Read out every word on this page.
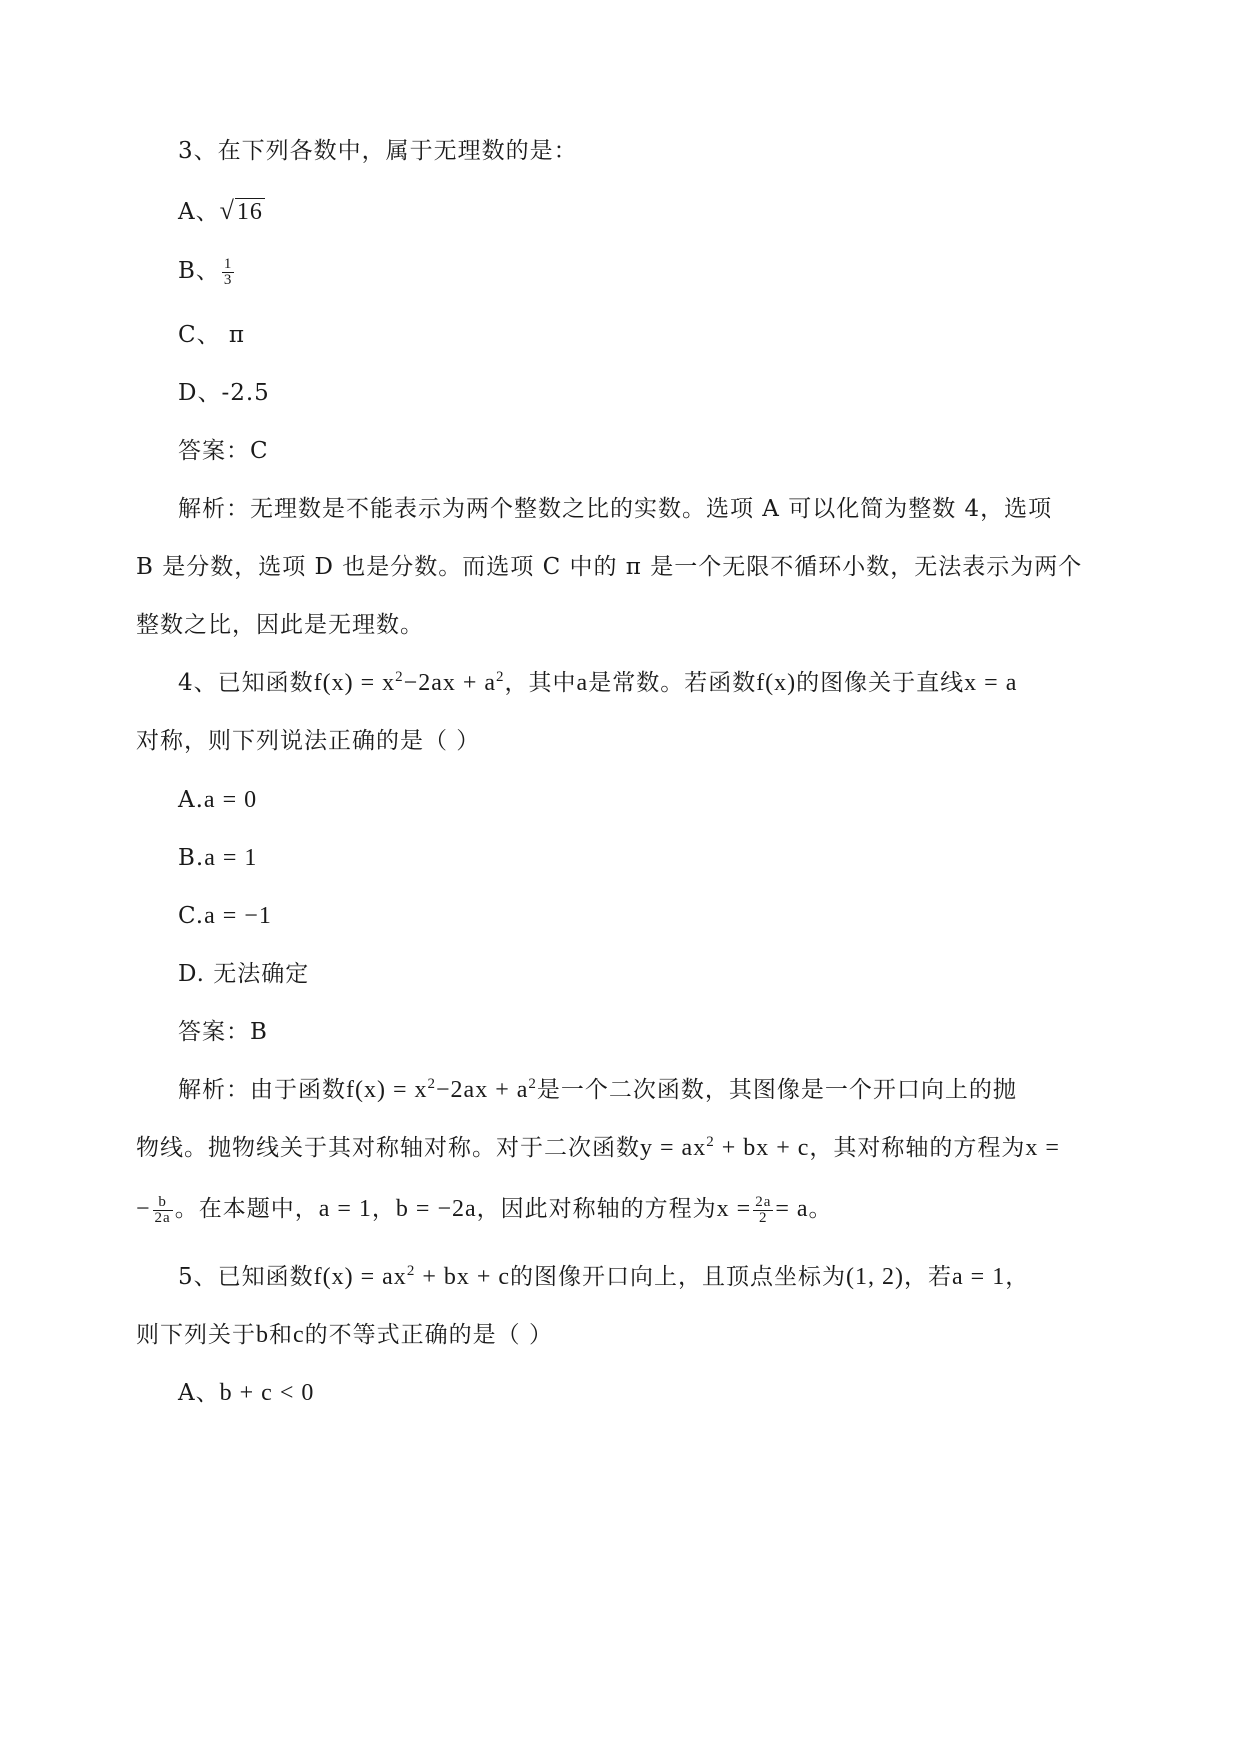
3、在下列各数中，属于无理数的是：
A、√16
B、 $\frac{1}{3}$
C、 π
D、-2.5
答案：C
解析：无理数是不能表示为两个整数之比的实数。选项 A 可以化简为整数 4，选项
B 是分数，选项 D 也是分数。而选项 C 中的 π 是一个无限不循环小数，无法表示为两个
整数之比，因此是无理数。
4、已知函数$f(x) = x^2-2ax + a^2$，其中a是常数。若函数f(x)的图像关于直线x = a
对称，则下列说法正确的是（ ）
A.a = 0
B.a = 1
C.a = −1
D. 无法确定
答案：B
解析：由于函数$f(x) = x^2-2ax + a^2$是一个二次函数，其图像是一个开口向上的抛
物线。抛物线关于其对称轴对称。对于二次函数$y = ax^2$ + bx + c，其对称轴的方程为x =
− $\frac{b}{2a}$ 。在本题中，a = 1，b = −2a，因此对称轴的方程为$x = \frac{2a}{2} = a$。
5、已知函数$f(x) = ax^2$ + bx + c的图像开口向上，且顶点坐标为(1, 2)，若a = 1，
则下列关于b和c的不等式正确的是（ ）
A、b + c < 0
